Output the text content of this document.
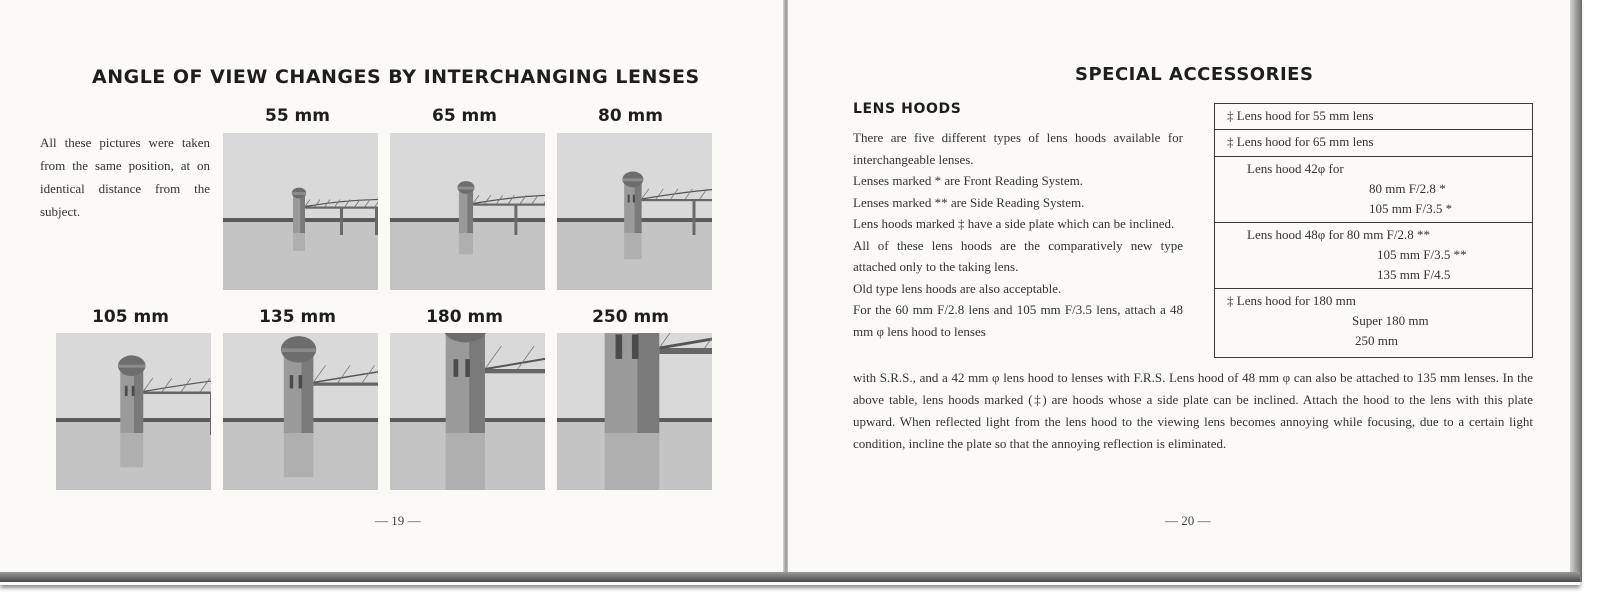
ANGLE OF VIEW CHANGES BY INTERCHANGING LENSES
All these pictures were taken from the same position, at on identical distance from the subject.
55 mm	65 mm	80 mm
105 mm	135 mm	180 mm	250 mm
— 19 —
SPECIAL ACCESSORIES
LENS HOODS

There are five different types of lens hoods available for interchangeable lenses.

Lenses marked * are Front Reading System.

Lenses marked ** are Side Reading System.

Lens hoods marked ‡ have a side plate which can be inclined.

All of these lens hoods are the comparatively new type attached only to the taking lens.

Old type lens hoods are also acceptable.

For the 60 mm F/2.8 lens and 105 mm F/3.5 lens, attach a 48 mm φ lens hood to lenses

‡ Lens hood for 55 mm lens
‡ Lens hood for 65 mm lens
Lens hood 42φ for
80 mm F/2.8 *
105 mm F/3.5 *
Lens hood 48φ for 80 mm F/2.8 **
105 mm F/3.5 **
135 mm F/4.5
‡ Lens hood for 180 mm
Super 180 mm
250 mm
with S.R.S., and a 42 mm φ lens hood to lenses with F.R.S. Lens hood of 48 mm φ can also be attached to 135 mm lenses. In the above table, lens hoods marked (‡) are hoods whose a side plate can be inclined. Attach the hood to the lens with this plate upward. When reflected light from the lens hood to the viewing lens becomes annoying while focusing, due to a certain light condition, incline the plate so that the annoying reflection is eliminated.
— 20 —
